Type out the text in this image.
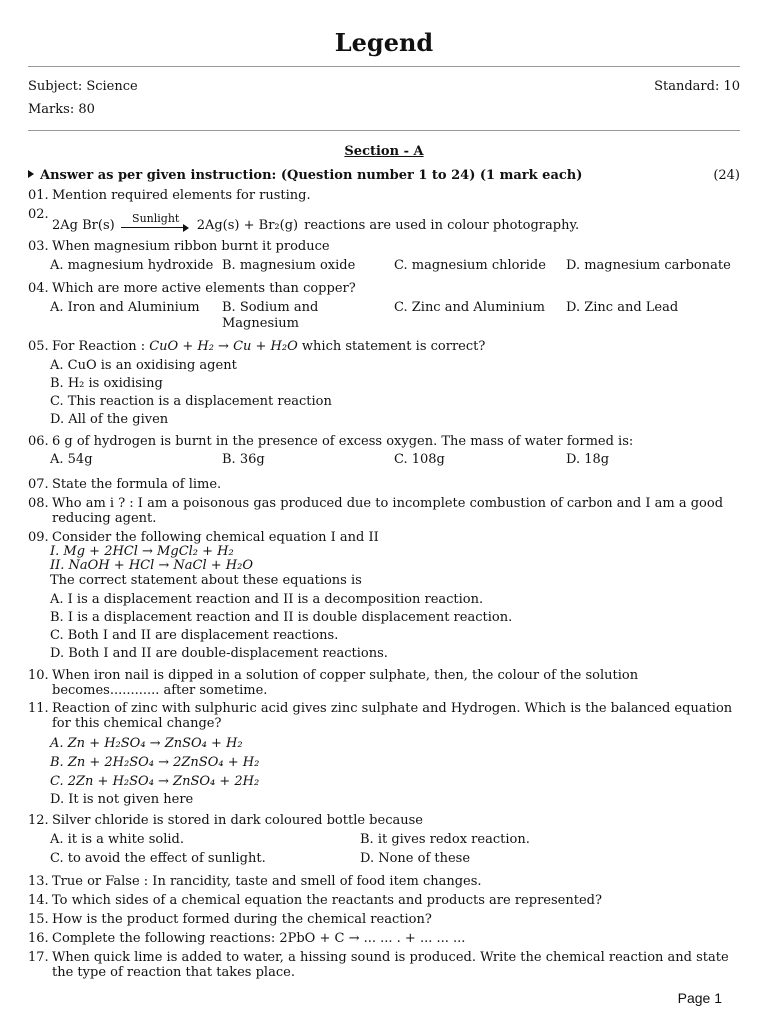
Legend
Subject: Science	Standard: 10
Marks: 80
Section - A
Answer as per given instruction: (Question number 1 to 24) (1 mark each)	(24)
01. Mention required elements for rusting.
02.
2Ag Br(s)	Sunlight	2Ag(s) + Br₂(g) reactions are used in colour photography.
03. When magnesium ribbon burnt it produce
A. magnesium hydroxide B. magnesium oxide	C. magnesium chloride	D. magnesium carbonate
04. Which are more active elements than copper?
A. Iron and Aluminium	B. Sodium and Magnesium
C. Zinc and Aluminium	D. Zinc and Lead
05. For Reaction : CuO + H₂ → Cu + H₂O which statement is correct?
A. CuO is an oxidising agent
B. H₂ is oxidising
C. This reaction is a displacement reaction
D. All of the given
06. 6 g of hydrogen is burnt in the presence of excess oxygen. The mass of water formed is:
A. 54g	B. 36g	C. 108g	D. 18g
07. State the formula of lime.
08. Who am i ? : I am a poisonous gas produced due to incomplete combustion of carbon and I am a good reducing agent.
09. Consider the following chemical equation I and II
I. Mg + 2HCl → MgCl₂ + H₂
II. NaOH + HCl → NaCl + H₂O
The correct statement about these equations is
A. I is a displacement reaction and II is a decomposition reaction.
B. I is a displacement reaction and II is double displacement reaction.
C. Both I and II are displacement reactions.
D. Both I and II are double-displacement reactions.
10. When iron nail is dipped in a solution of copper sulphate, then, the colour of the solution becomes............ after sometime.
11. Reaction of zinc with sulphuric acid gives zinc sulphate and Hydrogen. Which is the balanced equation for this chemical change?
A. Zn + H₂SO₄ → ZnSO₄ + H₂
B. Zn + 2H₂SO₄ → 2ZnSO₄ + H₂
C. 2Zn + H₂SO₄ → ZnSO₄ + 2H₂
D. It is not given here
12. Silver chloride is stored in dark coloured bottle because
A. it is a white solid.	B. it gives redox reaction.
C. to avoid the effect of sunlight.	D. None of these
13. True or False : In rancidity, taste and smell of food item changes.
14. To which sides of a chemical equation the reactants and products are represented?
15. How is the product formed during the chemical reaction?
16. Complete the following reactions: 2PbO + C → ... ... . + ... ... ...
17. When quick lime is added to water, a hissing sound is produced. Write the chemical reaction and state the type of reaction that takes place.
Page 1
